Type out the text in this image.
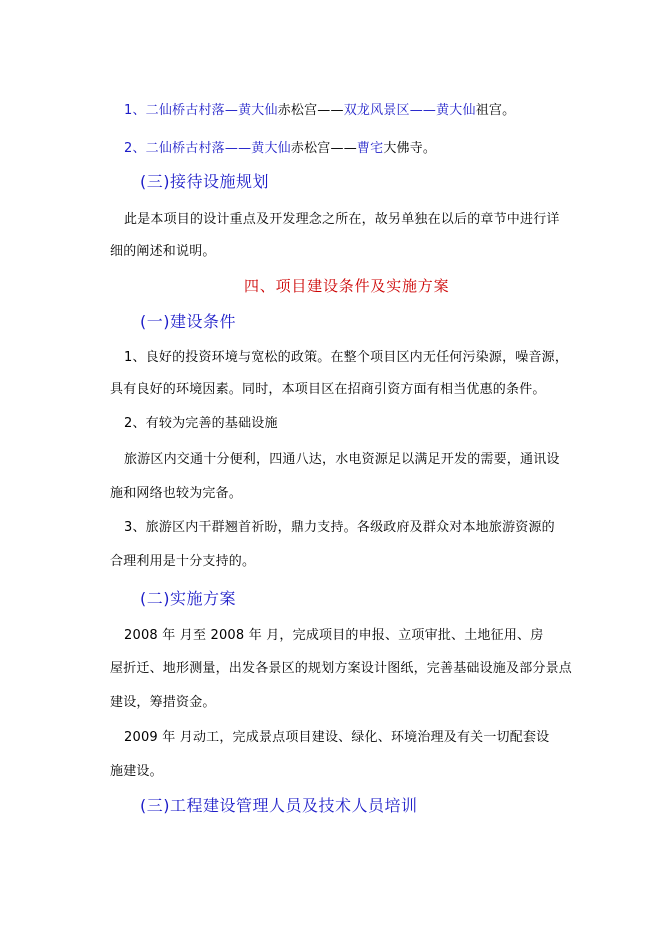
1、二仙桥古村落—黄大仙赤松宫——双龙风景区——黄大仙祖宫。
2、二仙桥古村落——黄大仙赤松宫——曹宅大佛寺。
(三)接待设施规划
此是本项目的设计重点及开发理念之所在，故另单独在以后的章节中进行详
细的阐述和说明。
四、项目建设条件及实施方案
(一)建设条件
1、良好的投资环境与宽松的政策。在整个项目区内无任何污染源，噪音源，
具有良好的环境因素。同时，本项目区在招商引资方面有相当优惠的条件。
2、有较为完善的基础设施
旅游区内交通十分便利，四通八达，水电资源足以满足开发的需要，通讯设
施和网络也较为完备。
3、旅游区内干群翘首祈盼，鼎力支持。各级政府及群众对本地旅游资源的
合理利用是十分支持的。
(二)实施方案
2008 年 月至 2008 年 月，完成项目的申报、立项审批、土地征用、房
屋折迁、地形测量，出发各景区的规划方案设计图纸，完善基础设施及部分景点
建设，筹措资金。
2009 年 月动工，完成景点项目建设、绿化、环境治理及有关一切配套设
施建设。
(三)工程建设管理人员及技术人员培训
